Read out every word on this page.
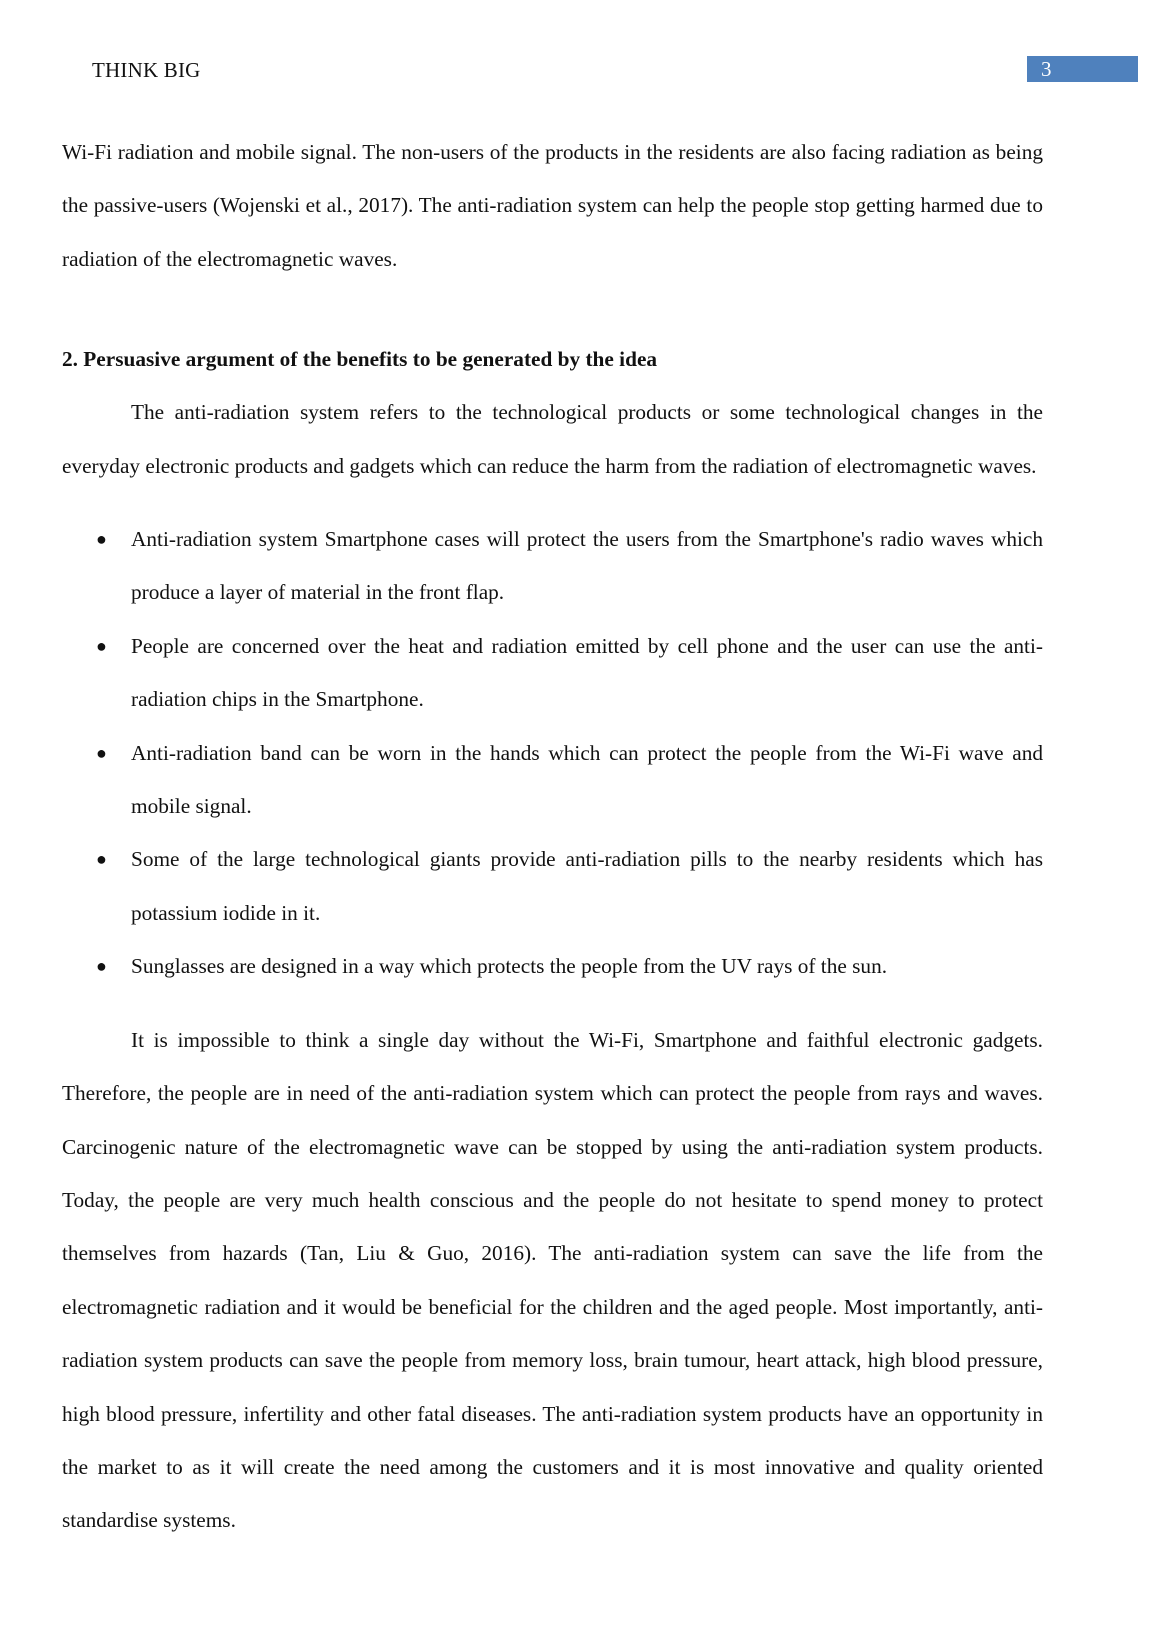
THINK BIG	3

Wi-Fi radiation and mobile signal. The non-users of the products in the residents are also facing radiation as being the passive-users (Wojenski et al., 2017). The anti-radiation system can help the people stop getting harmed due to radiation of the electromagnetic waves.

2. Persuasive argument of the benefits to be generated by the idea

The anti-radiation system refers to the technological products or some technological changes in the everyday electronic products and gadgets which can reduce the harm from the radiation of electromagnetic waves.

● Anti-radiation system Smartphone cases will protect the users from the Smartphone's radio waves which produce a layer of material in the front flap.
● People are concerned over the heat and radiation emitted by cell phone and the user can use the anti-radiation chips in the Smartphone.
● Anti-radiation band can be worn in the hands which can protect the people from the Wi-Fi wave and mobile signal.
● Some of the large technological giants provide anti-radiation pills to the nearby residents which has potassium iodide in it.
● Sunglasses are designed in a way which protects the people from the UV rays of the sun.

It is impossible to think a single day without the Wi-Fi, Smartphone and faithful electronic gadgets. Therefore, the people are in need of the anti-radiation system which can protect the people from rays and waves. Carcinogenic nature of the electromagnetic wave can be stopped by using the anti-radiation system products. Today, the people are very much health conscious and the people do not hesitate to spend money to protect themselves from hazards (Tan, Liu & Guo, 2016). The anti-radiation system can save the life from the electromagnetic radiation and it would be beneficial for the children and the aged people. Most importantly, anti-radiation system products can save the people from memory loss, brain tumour, heart attack, high blood pressure, high blood pressure, infertility and other fatal diseases. The anti-radiation system products have an opportunity in the market to as it will create the need among the customers and it is most innovative and quality oriented standardise systems.
